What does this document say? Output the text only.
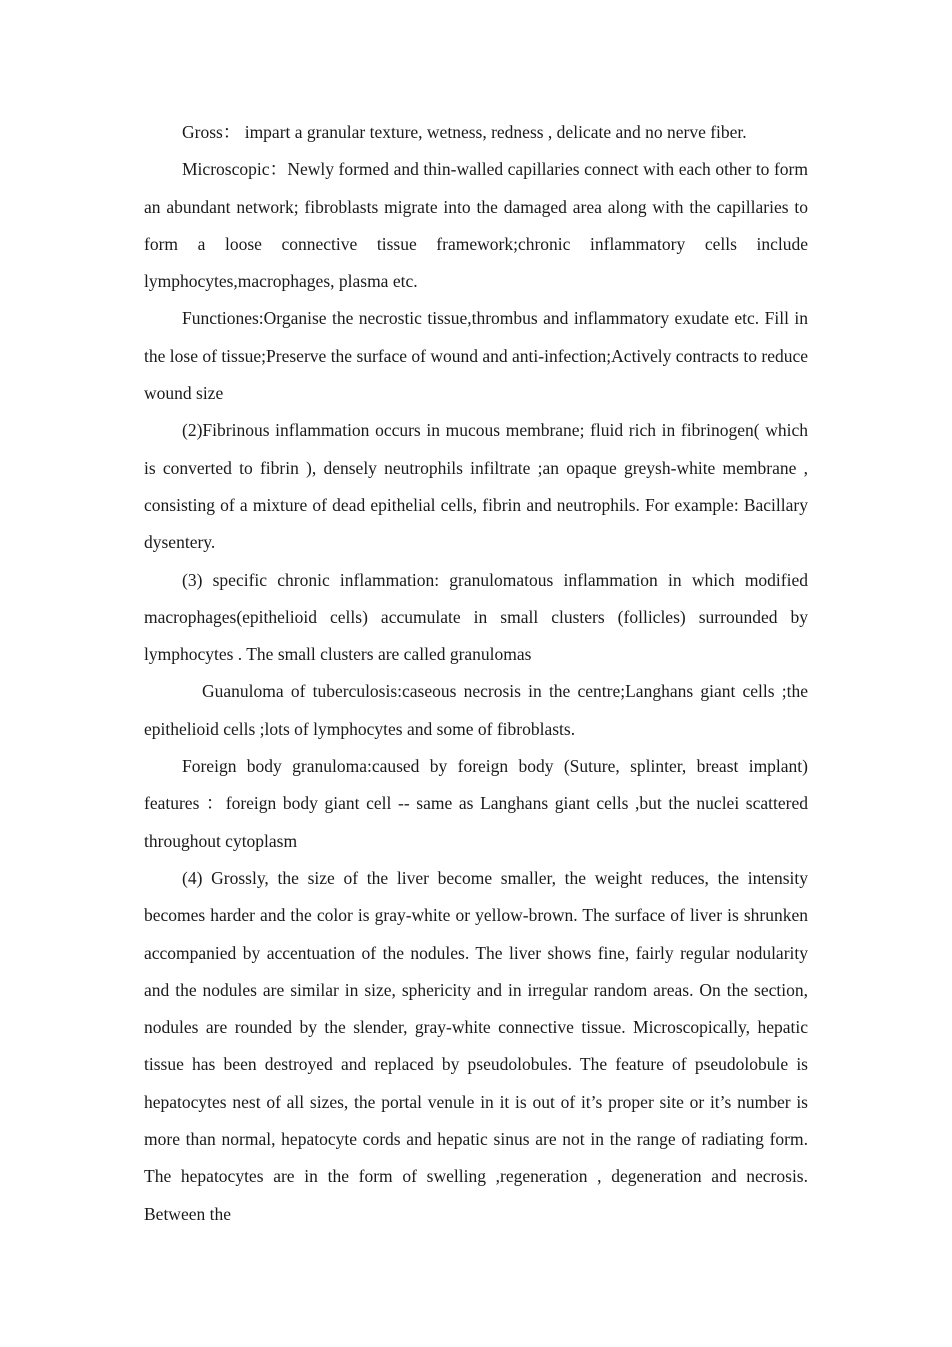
Gross： impart a granular texture, wetness, redness , delicate and no nerve fiber.

Microscopic：Newly formed and thin-walled capillaries connect with each other to form an abundant network; fibroblasts migrate into the damaged area along with the capillaries to form a loose connective tissue framework;chronic inflammatory cells include lymphocytes,macrophages, plasma etc.

Functiones:Organise the necrostic tissue,thrombus and inflammatory exudate etc. Fill in the lose of tissue;Preserve the surface of wound and anti-infection;Actively contracts to reduce wound size

(2)Fibrinous inflammation occurs in mucous membrane; fluid rich in fibrinogen( which is converted to fibrin ), densely neutrophils infiltrate ;an opaque greysh-white membrane , consisting of a mixture of dead epithelial cells, fibrin and neutrophils. For example: Bacillary dysentery.

(3) specific chronic inflammation: granulomatous inflammation in which modified macrophages(epithelioid cells) accumulate in small clusters (follicles) surrounded by lymphocytes . The small clusters are called granulomas

Guanuloma of tuberculosis:caseous necrosis in the centre;Langhans giant cells ;the epithelioid cells ;lots of lymphocytes and some of fibroblasts.

Foreign body granuloma:caused by foreign body (Suture, splinter, breast implant) features ：foreign body giant cell -- same as Langhans giant cells ,but the nuclei scattered throughout cytoplasm

(4) Grossly, the size of the liver become smaller, the weight reduces, the intensity becomes harder and the color is gray-white or yellow-brown. The surface of liver is shrunken accompanied by accentuation of the nodules. The liver shows fine, fairly regular nodularity and the nodules are similar in size, sphericity and in irregular random areas. On the section, nodules are rounded by the slender, gray-white connective tissue. Microscopically, hepatic tissue has been destroyed and replaced by pseudolobules. The feature of pseudolobule is hepatocytes nest of all sizes, the portal venule in it is out of it’s proper site or it’s number is more than normal, hepatocyte cords and hepatic sinus are not in the range of radiating form. The hepatocytes are in the form of swelling ,regeneration , degeneration and necrosis. Between the
